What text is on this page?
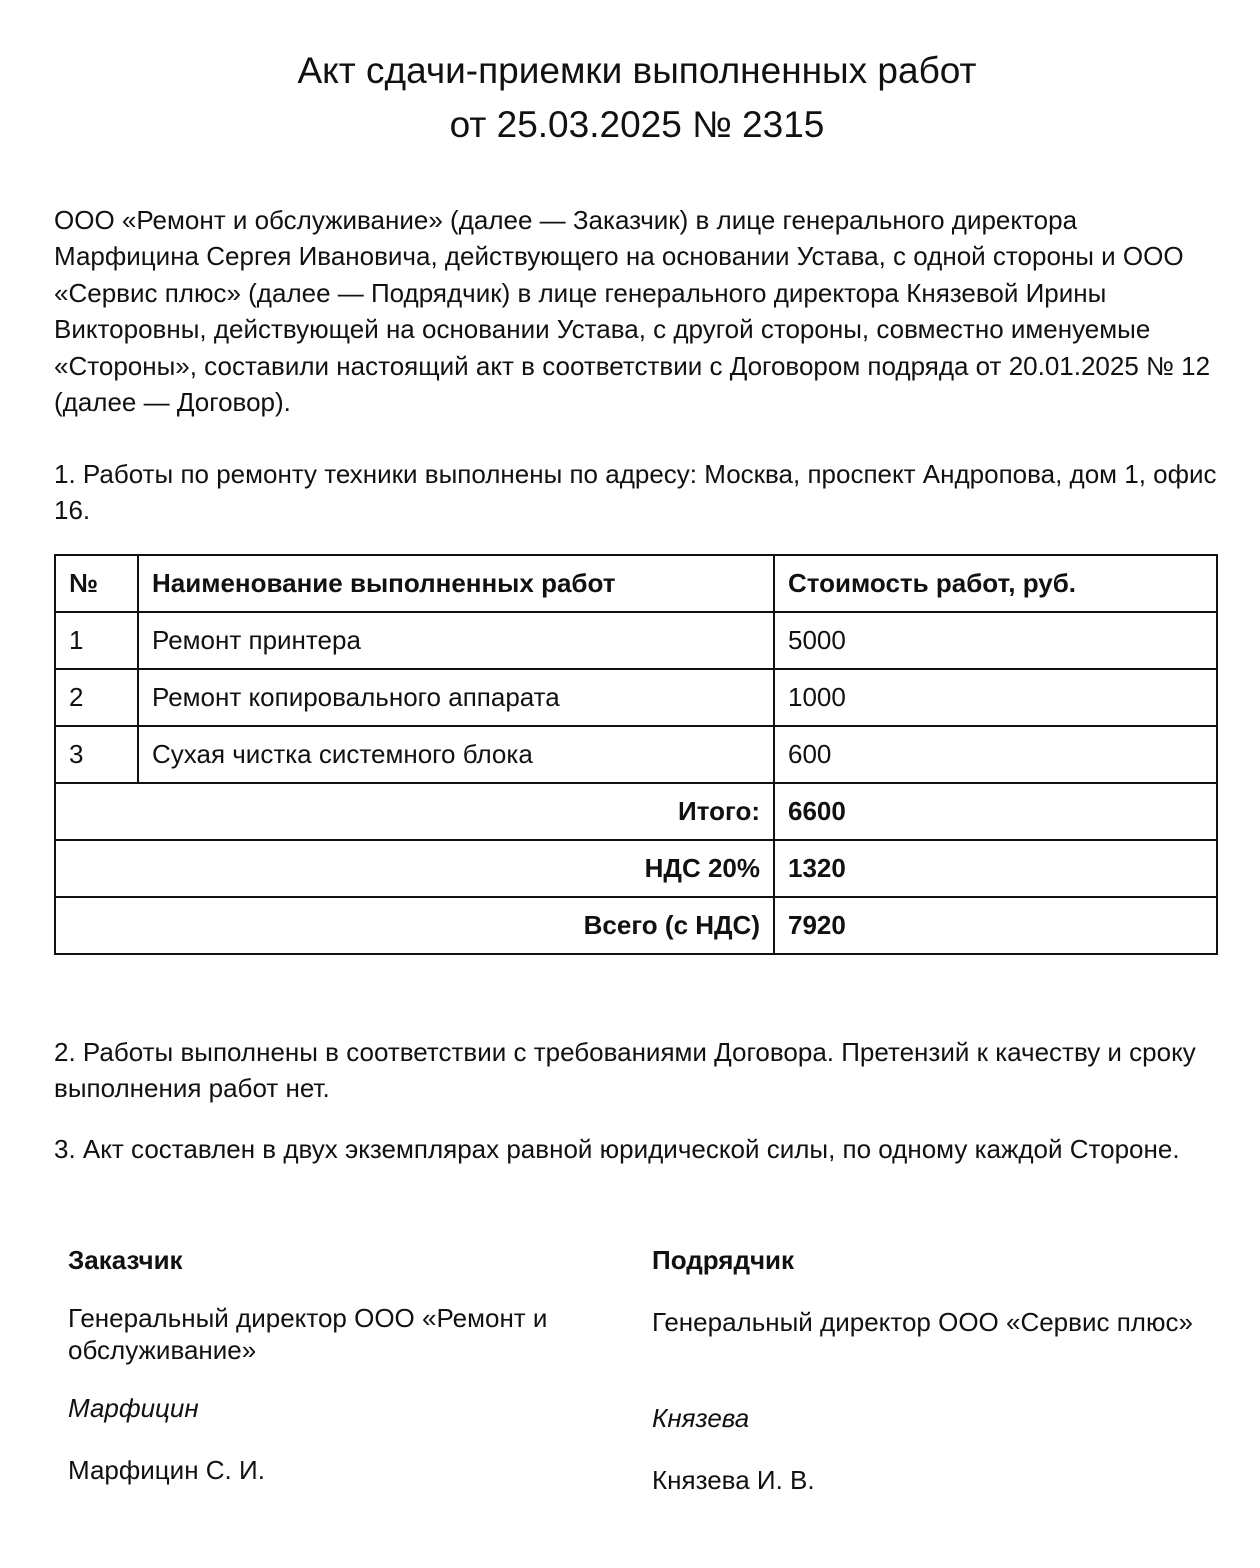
Акт сдачи-приемки выполненных работ
от 25.03.2025 № 2315

ООО «Ремонт и обслуживание» (далее — Заказчик) в лице генерального директора Марфицина Сергея Ивановича, действующего на основании Устава, с одной стороны и ООО «Сервис плюс» (далее — Подрядчик) в лице генерального директора Князевой Ирины Викторовны, действующей на основании Устава, с другой стороны, совместно именуемые «Стороны», составили настоящий акт в соответствии с Договором подряда от 20.01.2025 № 12 (далее — Договор).

1. Работы по ремонту техники выполнены по адресу: Москва, проспект Андропова, дом 1, офис 16.

№	Наименование выполненных работ	Стоимость работ, руб.
1	Ремонт принтера	5000
2	Ремонт копировального аппарата	1000
3	Сухая чистка системного блока	600
Итого:		6600
НДС 20%		1320
Всего (с НДС)		7920

2. Работы выполнены в соответствии с требованиями Договора. Претензий к качеству и сроку выполнения работ нет.

3. Акт составлен в двух экземплярах равной юридической силы, по одному каждой Стороне.

Заказчик

Генеральный директор ООО «Ремонт и обслуживание»

Марфицин

Марфицин С. И.

Подрядчик

Генеральный директор ООО «Сервис плюс»

Князева

Князева И. В.
